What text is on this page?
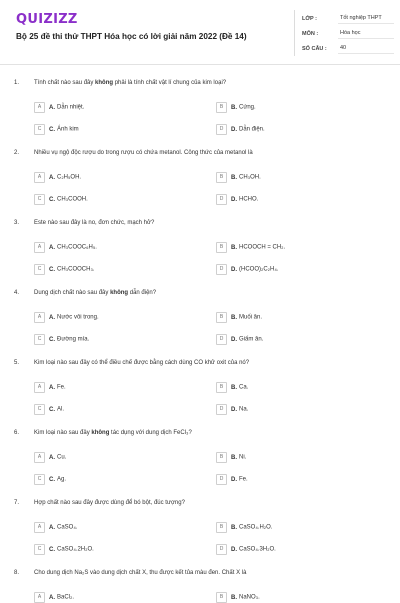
QUIZIZZ
Bộ 25 đề thi thử THPT Hóa học có lời giải năm 2022 (Đề 14)
LỚP :	Tốt nghiệp THPT
MÔN :	Hóa học
SỐ CÂU :	40
1. Tính chất nào sau đây không phải là tính chất vật lí chung của kim loại?
A A. Dẫn nhiệt.	B B. Cứng.
C C. Ánh kim	D D. Dẫn điện.
2. Nhiều vụ ngộ độc rượu do trong rượu có chứa metanol. Công thức của metanol là
A A. C₂H₅OH.	B B. CH₃OH.
C C. CH₃COOH.	D D. HCHO.
3. Este nào sau đây là no, đơn chức, mạch hở?
A A. CH₃COOC₆H₅.	B B. HCOOCH = CH₂.
C C. CH₃COOCH₃.	D D. (HCOO)₂C₂H₄.
4. Dung dịch chất nào sau đây không dẫn điện?
A A. Nước vôi trong.	B B. Muối ăn.
C C. Đường mía.	D D. Giấm ăn.
5. Kim loại nào sau đây có thể điều chế được bằng cách dùng CO khử oxit của nó?
A A. Fe.	B B. Ca.
C C. Al.	D D. Na.
6. Kim loại nào sau đây không tác dụng với dung dịch FeCl₃?
A A. Cu.	B B. Ni.
C C. Ag.	D D. Fe.
7. Hợp chất nào sau đây được dùng để bó bột, đúc tượng?
A A. CaSO₄.	B B. CaSO₄.H₂O.
C C. CaSO₄.2H₂O.	D D. CaSO₄.3H₂O.
8. Cho dung dịch Na₂S vào dung dịch chất X, thu được kết tủa màu đen. Chất X là
A A. BaCl₂.	B B. NaNO₃.
